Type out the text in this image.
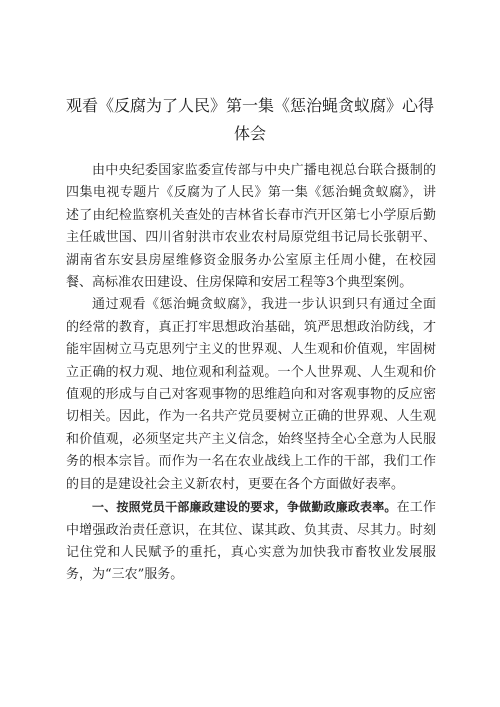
观看《反腐为了人民》第一集《惩治蝇贪蚁腐》心得体会

由中央纪委国家监委宣传部与中央广播电视总台联合摄制的四集电视专题片《反腐为了人民》第一集《惩治蝇贪蚁腐》，讲述了由纪检监察机关查处的吉林省长春市汽开区第七小学原后勤主任戚世国、四川省射洪市农业农村局原党组书记局长张朝平、湖南省东安县房屋维修资金服务办公室原主任周小健，在校园餐、高标准农田建设、住房保障和安居工程等3个典型案例。

通过观看《惩治蝇贪蚁腐》，我进一步认识到只有通过全面的经常的教育，真正打牢思想政治基础，筑严思想政治防线，才能牢固树立马克思列宁主义的世界观、人生观和价值观，牢固树立正确的权力观、地位观和利益观。一个人世界观、人生观和价值观的形成与自己对客观事物的思维趋向和对客观事物的反应密切相关。因此，作为一名共产党员要树立正确的世界观、人生观和价值观，必须坚定共产主义信念，始终坚持全心全意为人民服务的根本宗旨。而作为一名在农业战线上工作的干部，我们工作的目的是建设社会主义新农村，更要在各个方面做好表率。

一、按照党员干部廉政建设的要求，争做勤政廉政表率。在工作中增强政治责任意识，在其位、谋其政、负其责、尽其力。时刻记住党和人民赋予的重托，真心实意为加快我市畜牧业发展服务，为“三农”服务。
